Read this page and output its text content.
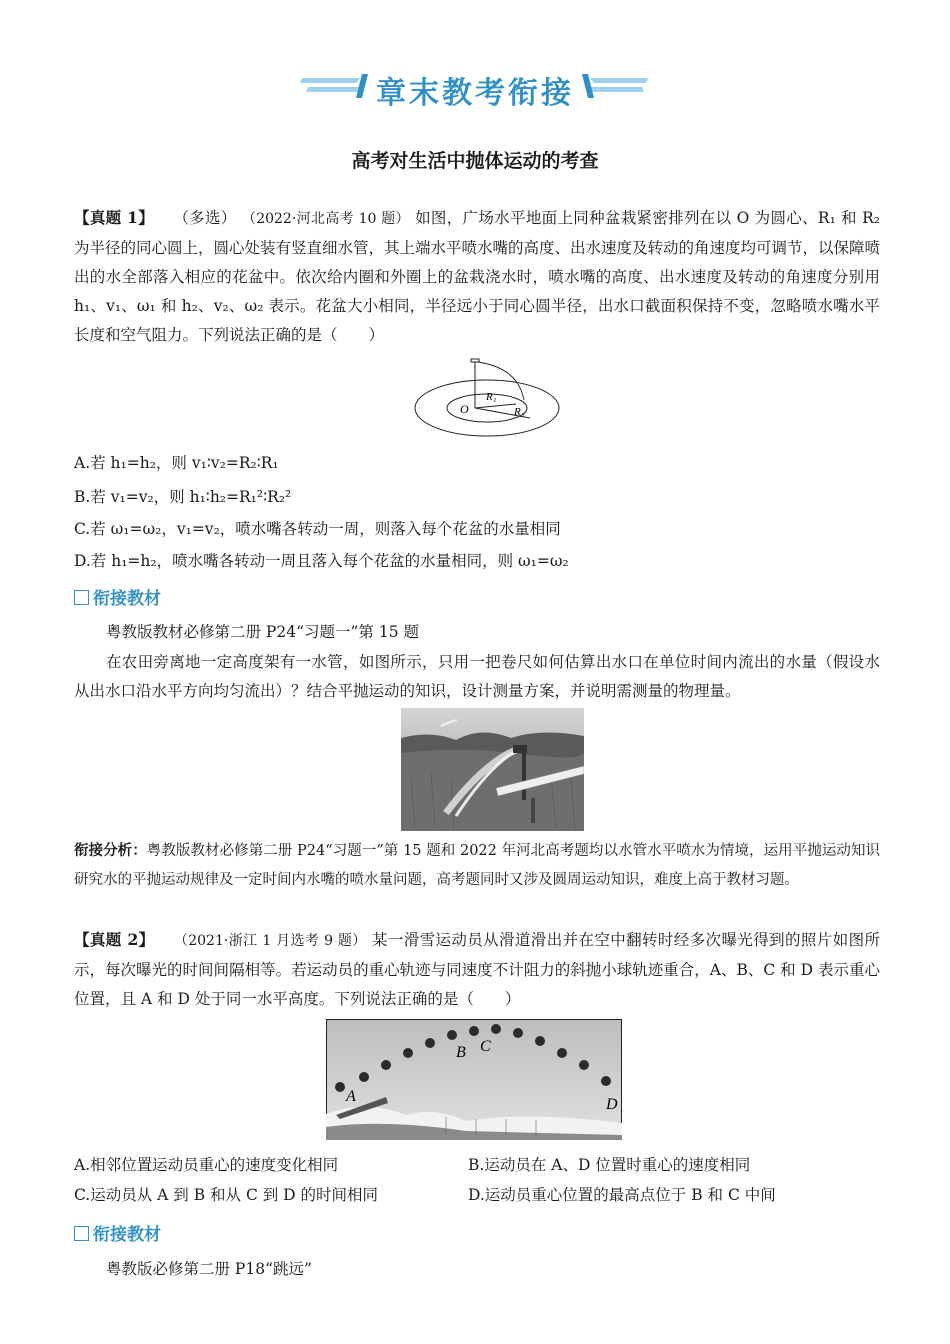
章末教考衔接
高考对生活中抛体运动的考查
【真题 1】 （多选） （2022·河北高考 10 题） 如图，广场水平地面上同种盆栽紧密排列在以 O 为圆心、R₁ 和 R₂ 为半径的同心圆上，圆心处装有竖直细水管，其上端水平喷水嘴的高度、出水速度及转动的角速度均可调节，以保障喷出的水全部落入相应的花盆中。依次给内圈和外圈上的盆栽浇水时，喷水嘴的高度、出水速度及转动的角速度分别用 h₁、v₁、ω₁ 和 h₂、v₂、ω₂ 表示。花盆大小相同，半径远小于同心圆半径，出水口截面积保持不变，忽略喷水嘴水平长度和空气阻力。下列说法正确的是（　　）
O
R₁
R₂
A.若 h₁=h₂，则 v₁∶v₂=R₂∶R₁
B.若 v₁=v₂，则 h₁∶h₂=R₁²∶R₂²
C.若 ω₁=ω₂，v₁=v₂，喷水嘴各转动一周，则落入每个花盆的水量相同
D.若 h₁=h₂，喷水嘴各转动一周且落入每个花盆的水量相同，则 ω₁=ω₂
衔接教材
粤教版教材必修第二册 P24“习题一”第 15 题
在农田旁离地一定高度架有一水管，如图所示，只用一把卷尺如何估算出水口在单位时间内流出的水量（假设水从出水口沿水平方向均匀流出）？结合平抛运动的知识，设计测量方案，并说明需测量的物理量。
衔接分析：粤教版教材必修第二册 P24“习题一”第 15 题和 2022 年河北高考题均以水管水平喷水为情境，运用平抛运动知识研究水的平抛运动规律及一定时间内水嘴的喷水量问题，高考题同时又涉及圆周运动知识，难度上高于教材习题。
【真题 2】 （2021·浙江 1 月选考 9 题） 某一滑雪运动员从滑道滑出并在空中翻转时经多次曝光得到的照片如图所示，每次曝光的时间间隔相等。若运动员的重心轨迹与同速度不计阻力的斜抛小球轨迹重合，A、B、C 和 D 表示重心位置，且 A 和 D 处于同一水平高度。下列说法正确的是（　　）
A
B C
D
A.相邻位置运动员重心的速度变化相同	B.运动员在 A、D 位置时重心的速度相同
C.运动员从 A 到 B 和从 C 到 D 的时间相同	D.运动员重心位置的最高点位于 B 和 C 中间
衔接教材
粤教版必修第二册 P18“跳远”
